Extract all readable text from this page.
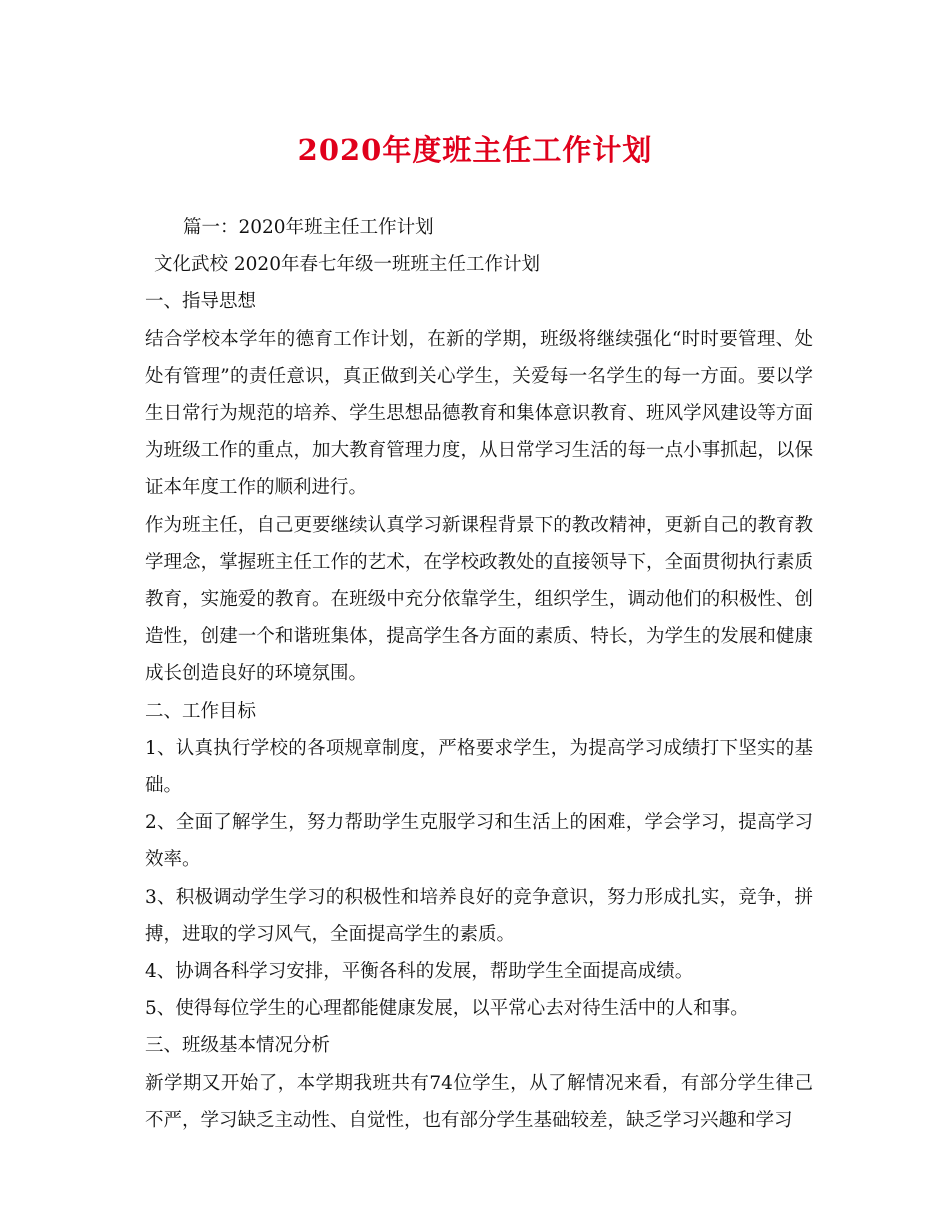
2020年度班主任工作计划

篇一：2020年班主任工作计划

文化武校 2020年春七年级一班班主任工作计划

一、指导思想

结合学校本学年的德育工作计划，在新的学期，班级将继续强化“时时要管理、处处有管理”的责任意识，真正做到关心学生，关爱每一名学生的每一方面。要以学生日常行为规范的培养、学生思想品德教育和集体意识教育、班风学风建设等方面为班级工作的重点，加大教育管理力度，从日常学习生活的每一点小事抓起，以保证本年度工作的顺利进行。

作为班主任，自己更要继续认真学习新课程背景下的教改精神，更新自己的教育教学理念，掌握班主任工作的艺术，在学校政教处的直接领导下，全面贯彻执行素质教育，实施爱的教育。在班级中充分依靠学生，组织学生，调动他们的积极性、创造性，创建一个和谐班集体，提高学生各方面的素质、特长，为学生的发展和健康成长创造良好的环境氛围。

二、工作目标

1、认真执行学校的各项规章制度，严格要求学生，为提高学习成绩打下坚实的基础。

2、全面了解学生，努力帮助学生克服学习和生活上的困难，学会学习，提高学习效率。

3、积极调动学生学习的积极性和培养良好的竞争意识，努力形成扎实，竞争，拼搏，进取的学习风气，全面提高学生的素质。

4、协调各科学习安排，平衡各科的发展，帮助学生全面提高成绩。

5、使得每位学生的心理都能健康发展，以平常心去对待生活中的人和事。

三、班级基本情况分析

新学期又开始了，本学期我班共有74位学生，从了解情况来看，有部分学生律己不严，学习缺乏主动性、自觉性，也有部分学生基础较差，缺乏学习兴趣和学习
